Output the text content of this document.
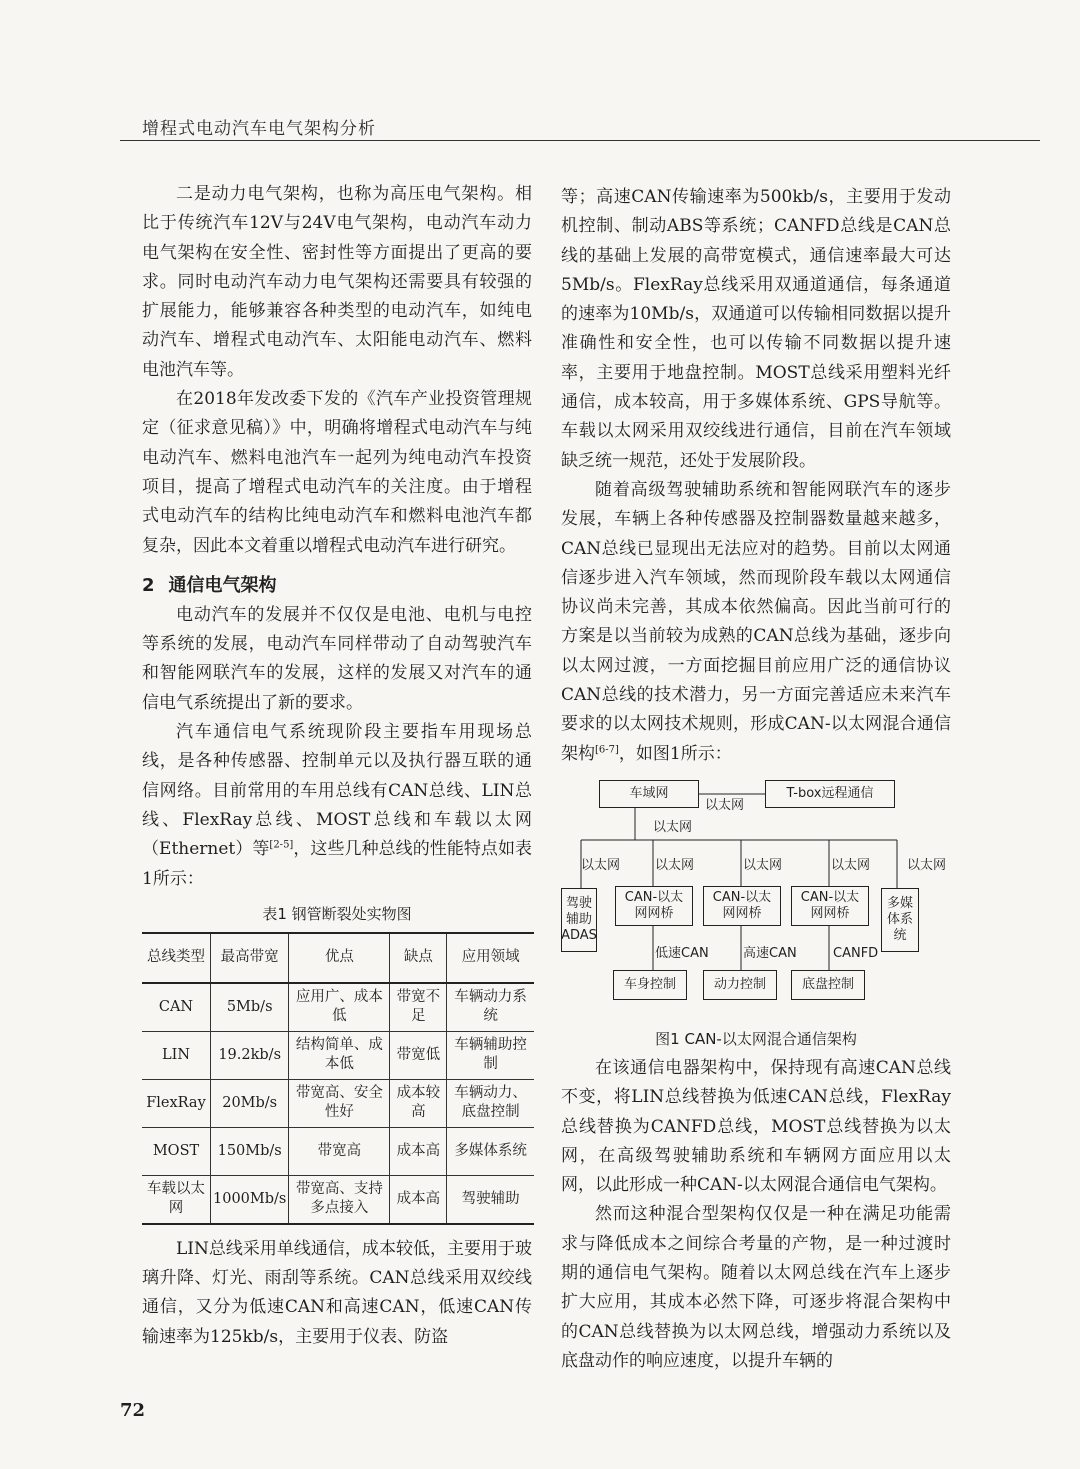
增程式电动汽车电气架构分析

二是动力电气架构，也称为高压电气架构。相比于传统汽车12V与24V电气架构，电动汽车动力电气架构在安全性、密封性等方面提出了更高的要求。同时电动汽车动力电气架构还需要具有较强的扩展能力，能够兼容各种类型的电动汽车，如纯电动汽车、增程式电动汽车、太阳能电动汽车、燃料电池汽车等。

在2018年发改委下发的《汽车产业投资管理规定（征求意见稿）》中，明确将增程式电动汽车与纯电动汽车、燃料电池汽车一起列为纯电动汽车投资项目，提高了增程式电动汽车的关注度。由于增程式电动汽车的结构比纯电动汽车和燃料电池汽车都复杂，因此本文着重以增程式电动汽车进行研究。

2 通信电气架构

电动汽车的发展并不仅仅是电池、电机与电控等系统的发展，电动汽车同样带动了自动驾驶汽车和智能网联汽车的发展，这样的发展又对汽车的通信电气系统提出了新的要求。

汽车通信电气系统现阶段主要指车用现场总线，是各种传感器、控制单元以及执行器互联的通信网络。目前常用的车用总线有CAN总线、LIN总线、FlexRay总线、MOST总线和车载以太网（Ethernet）等[2-5]，这些几种总线的性能特点如表1所示：

表1 钢管断裂处实物图
总线类型	最高带宽	优点	缺点	应用领域
CAN	5Mb/s	应用广、成本低	带宽不足	车辆动力系统
LIN	19.2kb/s	结构简单、成本低	带宽低	车辆辅助控制
FlexRay	20Mb/s	带宽高、安全性好	成本较高	车辆动力、底盘控制
MOST	150Mb/s	带宽高	成本高	多媒体系统
车载以太网	1000Mb/s	带宽高、支持多点接入	成本高	驾驶辅助

LIN总线采用单线通信，成本较低，主要用于玻璃升降、灯光、雨刮等系统。CAN总线采用双绞线通信，又分为低速CAN和高速CAN，低速CAN传输速率为125kb/s，主要用于仪表、防盗

等；高速CAN传输速率为500kb/s，主要用于发动机控制、制动ABS等系统；CANFD总线是CAN总线的基础上发展的高带宽模式，通信速率最大可达5Mb/s。FlexRay总线采用双通道通信，每条通道的速率为10Mb/s，双通道可以传输相同数据以提升准确性和安全性，也可以传输不同数据以提升速率，主要用于地盘控制。MOST总线采用塑料光纤通信，成本较高，用于多媒体系统、GPS导航等。车载以太网采用双绞线进行通信，目前在汽车领域缺乏统一规范，还处于发展阶段。

随着高级驾驶辅助系统和智能网联汽车的逐步发展，车辆上各种传感器及控制器数量越来越多，CAN总线已显现出无法应对的趋势。目前以太网通信逐步进入汽车领域，然而现阶段车载以太网通信协议尚未完善，其成本依然偏高。因此当前可行的方案是以当前较为成熟的CAN总线为基础，逐步向以太网过渡，一方面挖掘目前应用广泛的通信协议CAN总线的技术潜力，另一方面完善适应未来汽车要求的以太网技术规则，形成CAN-以太网混合通信架构[6-7]，如图1所示：

车域网	T-box远程通信
以太网
以太网
以太网	以太网	以太网	以太网	以太网
驾驶辅助ADAS
CAN-以太网网桥
CAN-以太网网桥
CAN-以太网网桥
多媒体系统
低速CAN	高速CAN	CANFD
车身控制	动力控制	底盘控制
图1 CAN-以太网混合通信架构

在该通信电器架构中，保持现有高速CAN总线不变，将LIN总线替换为低速CAN总线，FlexRay总线替换为CANFD总线，MOST总线替换为以太网，在高级驾驶辅助系统和车辆网方面应用以太网，以此形成一种CAN-以太网混合通信电气架构。

然而这种混合型架构仅仅是一种在满足功能需求与降低成本之间综合考量的产物，是一种过渡时期的通信电气架构。随着以太网总线在汽车上逐步扩大应用，其成本必然下降，可逐步将混合架构中的CAN总线替换为以太网总线，增强动力系统以及底盘动作的响应速度，以提升车辆的

72
